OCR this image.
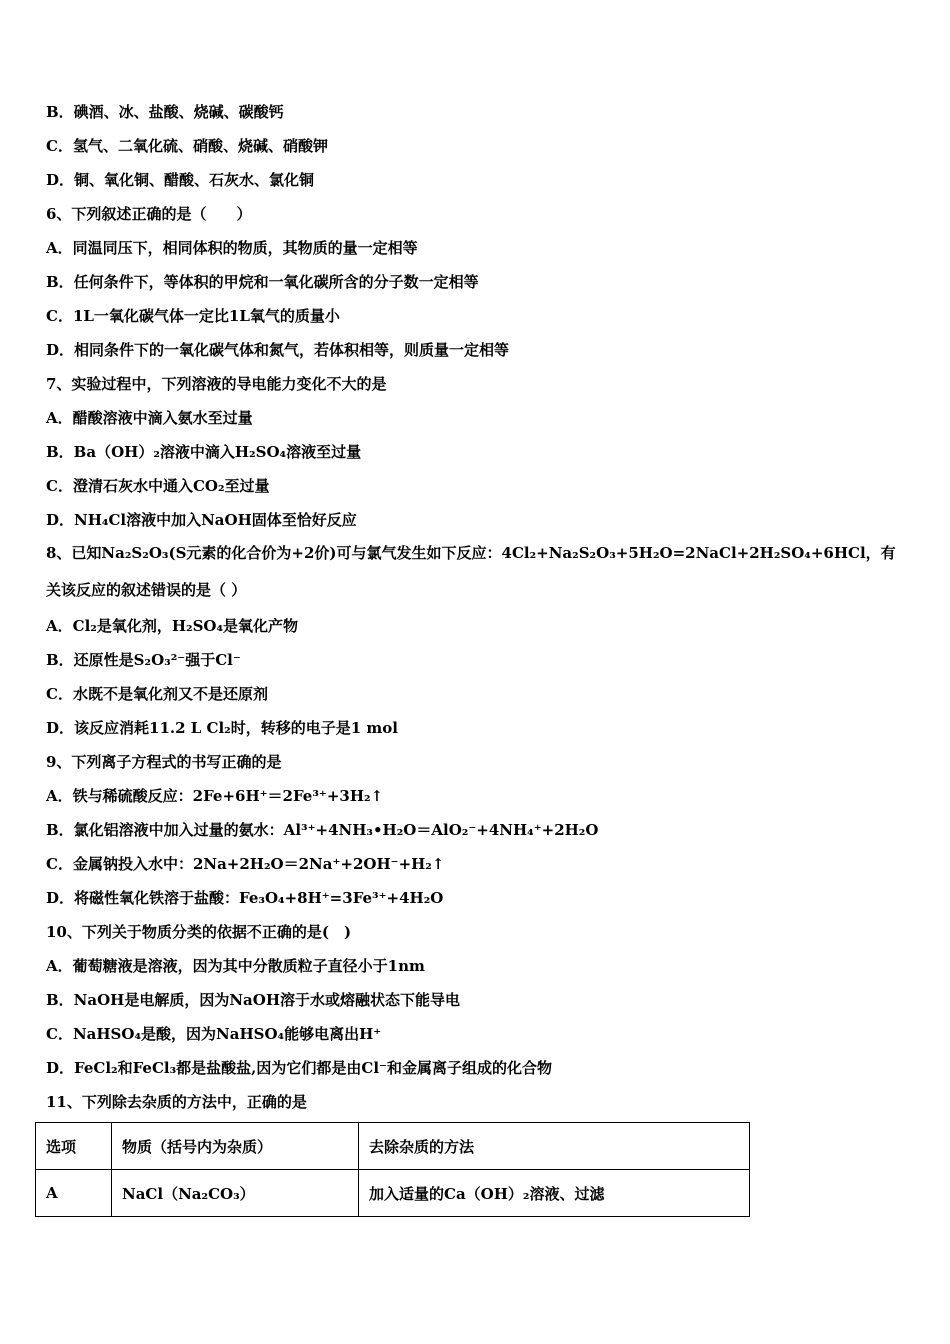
B．碘酒、冰、盐酸、烧碱、碳酸钙
C．氢气、二氧化硫、硝酸、烧碱、硝酸钾
D．铜、氧化铜、醋酸、石灰水、氯化铜
6、下列叙述正确的是（　　）
A．同温同压下，相同体积的物质，其物质的量一定相等
B．任何条件下，等体积的甲烷和一氧化碳所含的分子数一定相等
C．1L一氧化碳气体一定比1L氧气的质量小
D．相同条件下的一氧化碳气体和氮气，若体积相等，则质量一定相等
7、实验过程中，下列溶液的导电能力变化不大的是
A．醋酸溶液中滴入氨水至过量
B．Ba（OH）₂溶液中滴入H₂SO₄溶液至过量
C．澄清石灰水中通入CO₂至过量
D．NH₄Cl溶液中加入NaOH固体至恰好反应
8、已知Na₂S₂O₃(S元素的化合价为+2价)可与氯气发生如下反应：4Cl₂+Na₂S₂O₃+5H₂O=2NaCl+2H₂SO₄+6HCl，有关该反应的叙述错误的是（ ）
A．Cl₂是氧化剂，H₂SO₄是氧化产物
B．还原性是S₂O₃²⁻强于Cl⁻
C．水既不是氧化剂又不是还原剂
D．该反应消耗11.2 L Cl₂时，转移的电子是1 mol
9、下列离子方程式的书写正确的是
A．铁与稀硫酸反应：2Fe+6H⁺＝2Fe³⁺+3H₂↑
B．氯化铝溶液中加入过量的氨水：Al³⁺+4NH₃•H₂O＝AlO₂⁻+4NH₄⁺+2H₂O
C．金属钠投入水中：2Na+2H₂O＝2Na⁺+2OH⁻+H₂↑
D．将磁性氧化铁溶于盐酸：Fe₃O₄+8H⁺=3Fe³⁺+4H₂O
10、下列关于物质分类的依据不正确的是(　)
A．葡萄糖液是溶液，因为其中分散质粒子直径小于1nm
B．NaOH是电解质，因为NaOH溶于水或熔融状态下能导电
C．NaHSO₄是酸，因为NaHSO₄能够电离出H⁺
D．FeCl₂和FeCl₃都是盐酸盐,因为它们都是由Cl⁻和金属离子组成的化合物
11、下列除去杂质的方法中，正确的是
选项	物质（括号内为杂质）	去除杂质的方法
A	NaCl（Na₂CO₃）	加入适量的Ca（OH）₂溶液、过滤
